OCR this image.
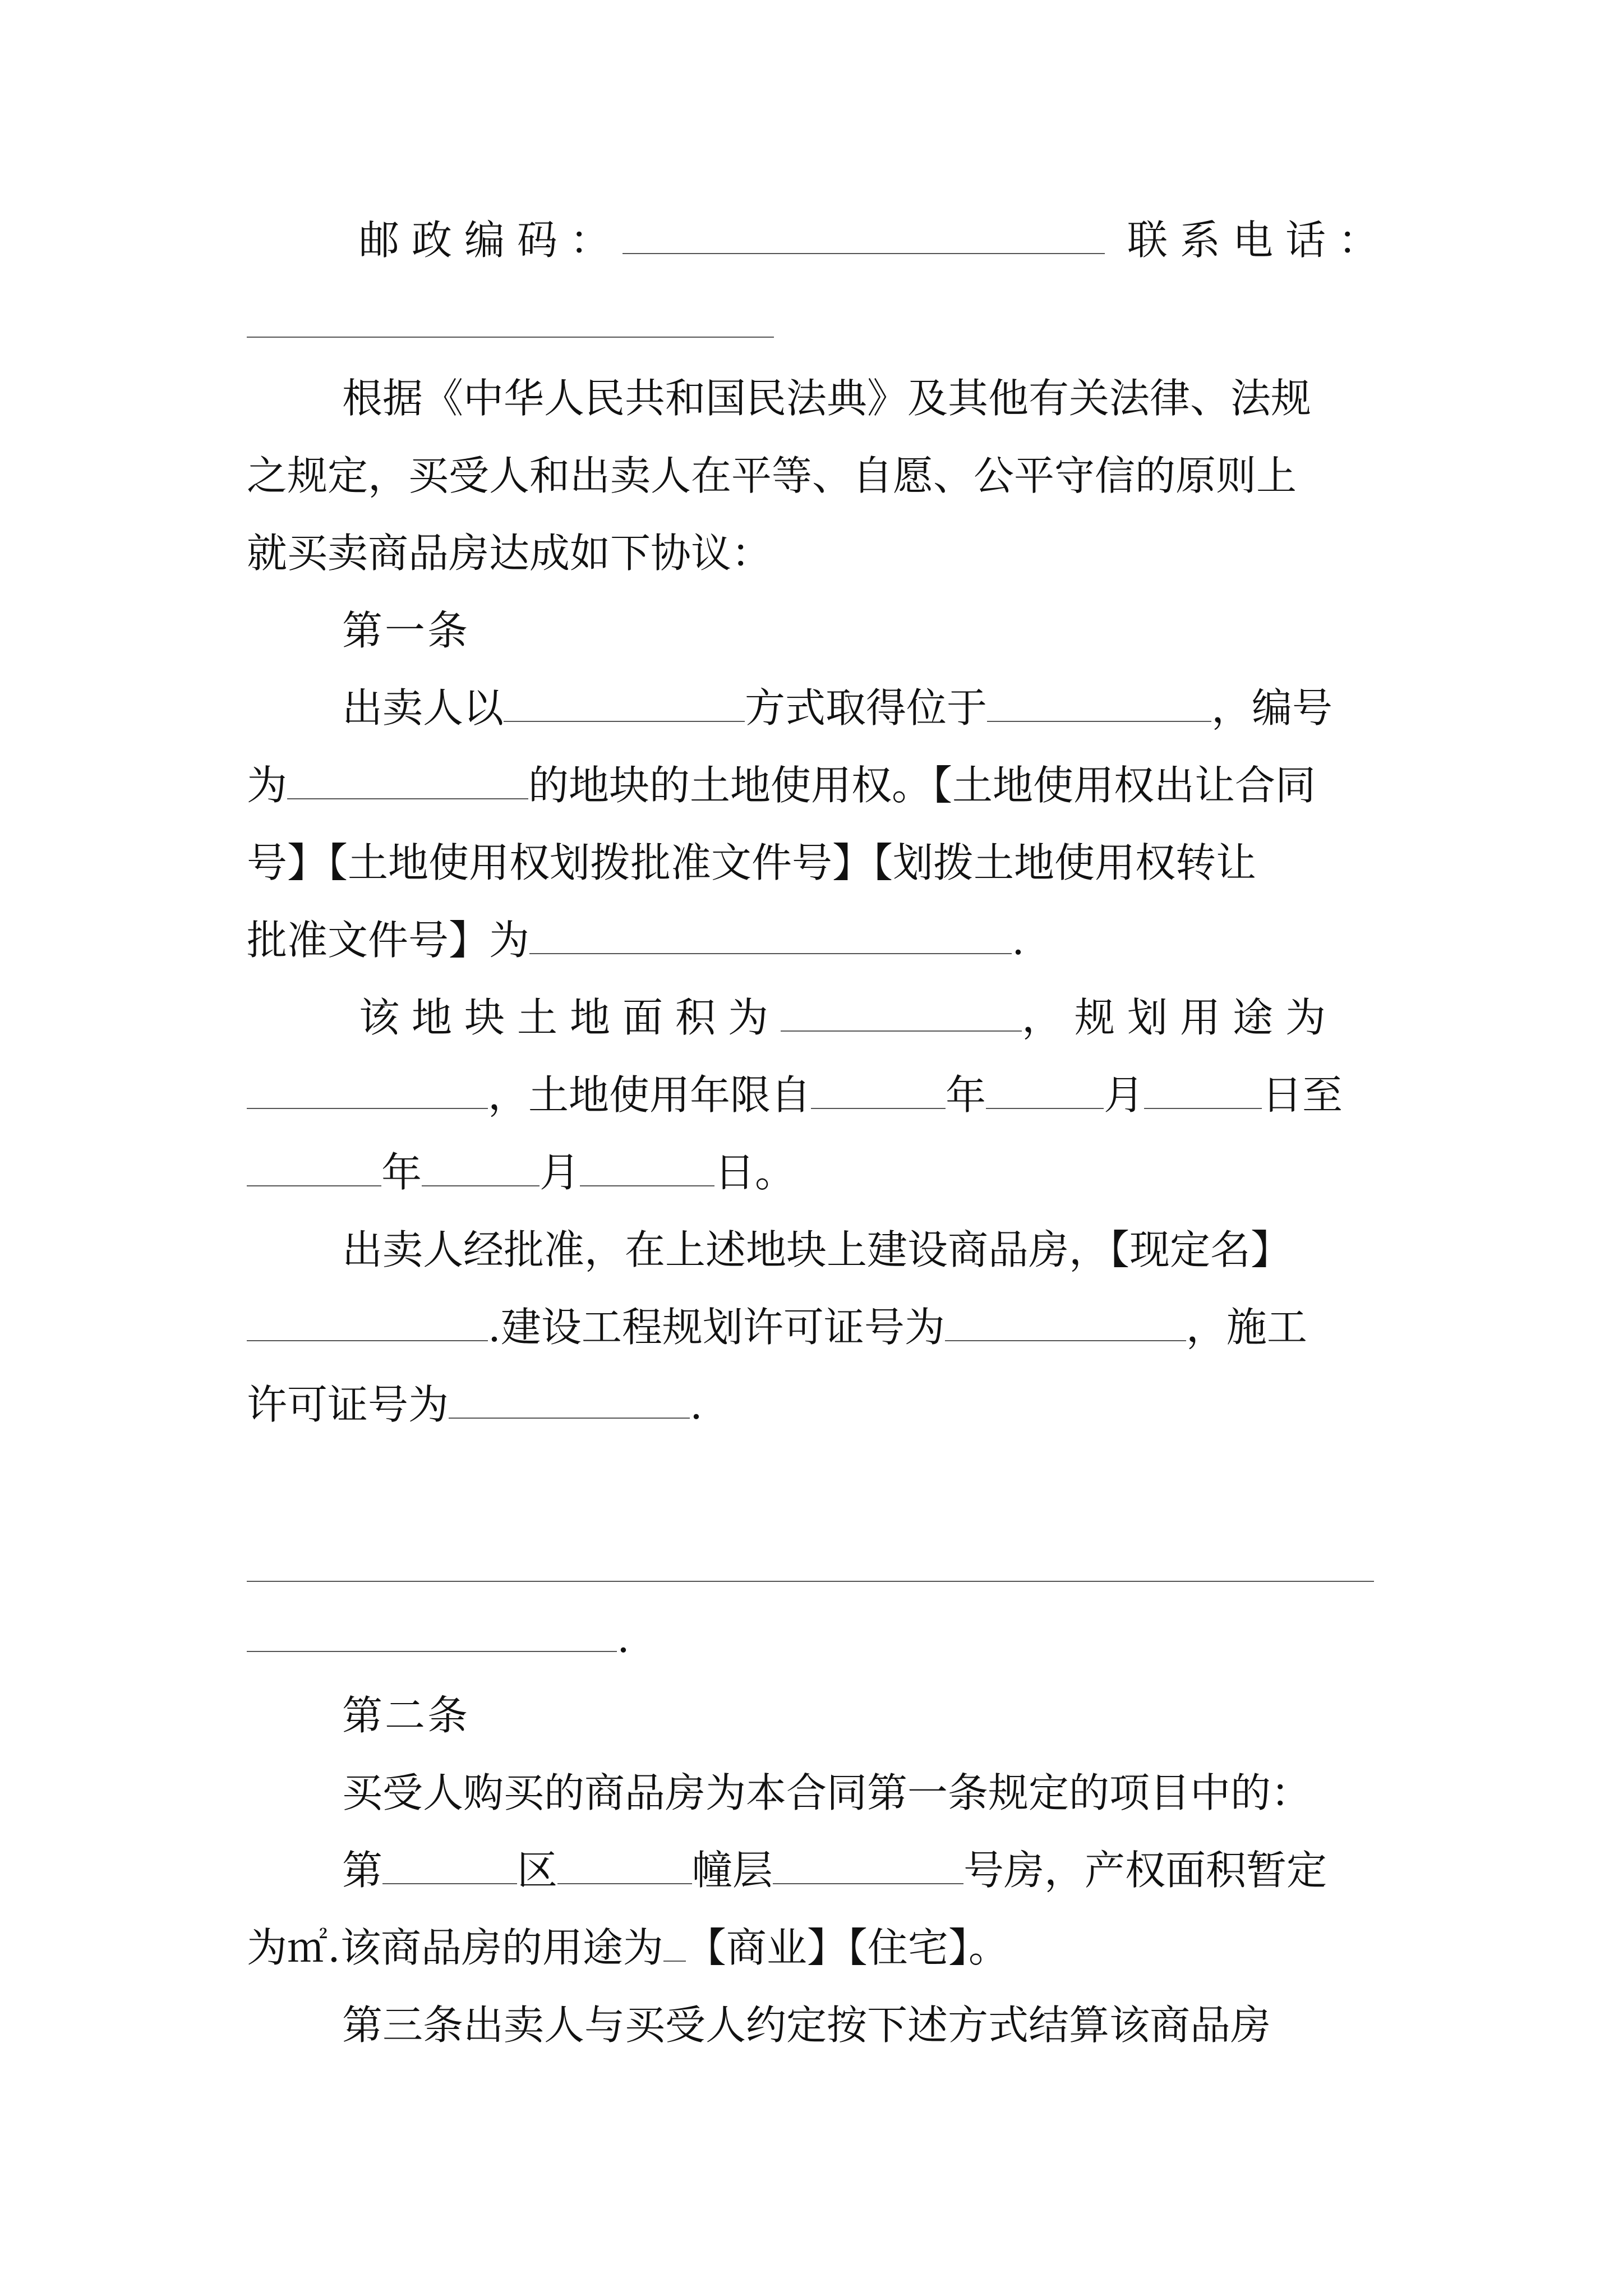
邮政编码：	联系电话：
根据《中华人民共和国民法典》及其他有关法律、法规
之规定，买受人和出卖人在平等、自愿、公平守信的原则上
就买卖商品房达成如下协议：
第一条
出卖人以	方式取得位于	，编号
为	的地块的土地使用权。【土地使用权出让合同
号】【土地使用权划拨批准文件号】【划拨土地使用权转让
批准文件号】为	.
该地块土地面积为	，规划用途为
，土地使用年限自	年	月	日至
年	月	日。
出卖人经批准，在上述地块上建设商品房，【现定名】
.建设工程规划许可证号为	，施工
许可证号为	.
.
第二条
买受人购买的商品房为本合同第一条规定的项目中的：
第	区	幢层	号房，产权面积暂定
为㎡.该商品房的用途为 【商业】【住宅】。
第三条出卖人与买受人约定按下述方式结算该商品房
